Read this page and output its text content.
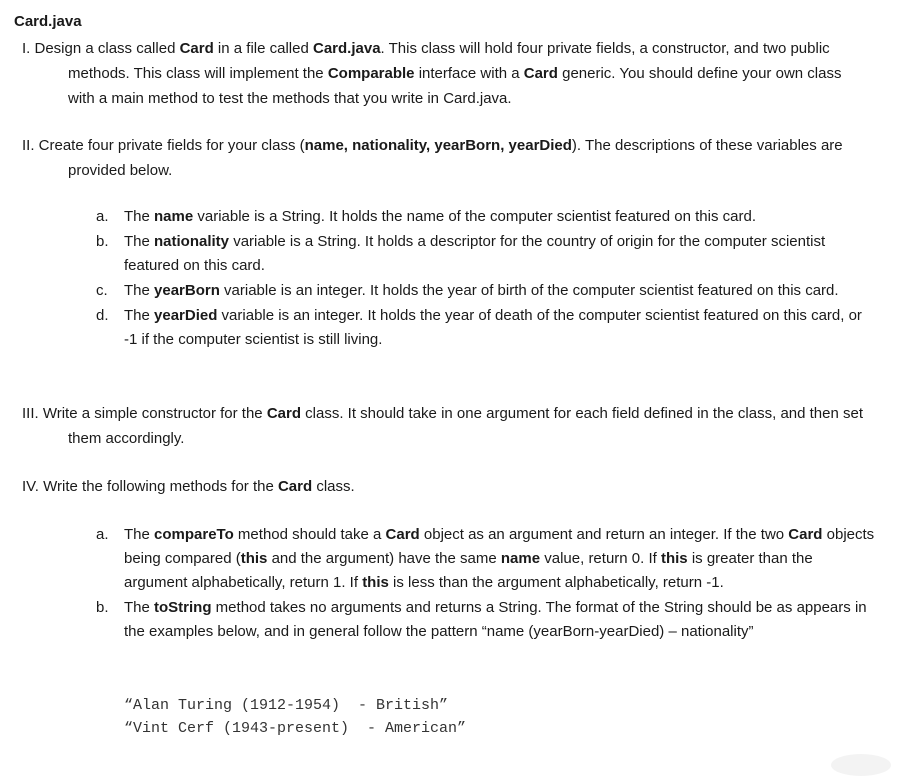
Card.java
I. Design a class called Card in a file called Card.java. This class will hold four private fields, a constructor, and two public methods. This class will implement the Comparable interface with a Card generic. You should define your own class with a main method to test the methods that you write in Card.java.
II. Create four private fields for your class (name, nationality, yearBorn, yearDied). The descriptions of these variables are provided below.
a.	The name variable is a String. It holds the name of the computer scientist featured on this card.
b.	The nationality variable is a String. It holds a descriptor for the country of origin for the computer scientist featured on this card.
c.	The yearBorn variable is an integer. It holds the year of birth of the computer scientist featured on this card.
d.	The yearDied variable is an integer. It holds the year of death of the computer scientist featured on this card, or -1 if the computer scientist is still living.
III. Write a simple constructor for the Card class. It should take in one argument for each field defined in the class, and then set them accordingly.
IV. Write the following methods for the Card class.
a.	The compareTo method should take a Card object as an argument and return an integer. If the two Card objects being compared (this and the argument) have the same name value, return 0. If this is greater than the argument alphabetically, return 1. If this is less than the argument alphabetically, return -1.
b.	The toString method takes no arguments and returns a String. The format of the String should be as appears in the examples below, and in general follow the pattern “name (yearBorn-yearDied) – nationality”
“Alan Turing (1912-1954)  - British”
“Vint Cerf (1943-present)  - American”
